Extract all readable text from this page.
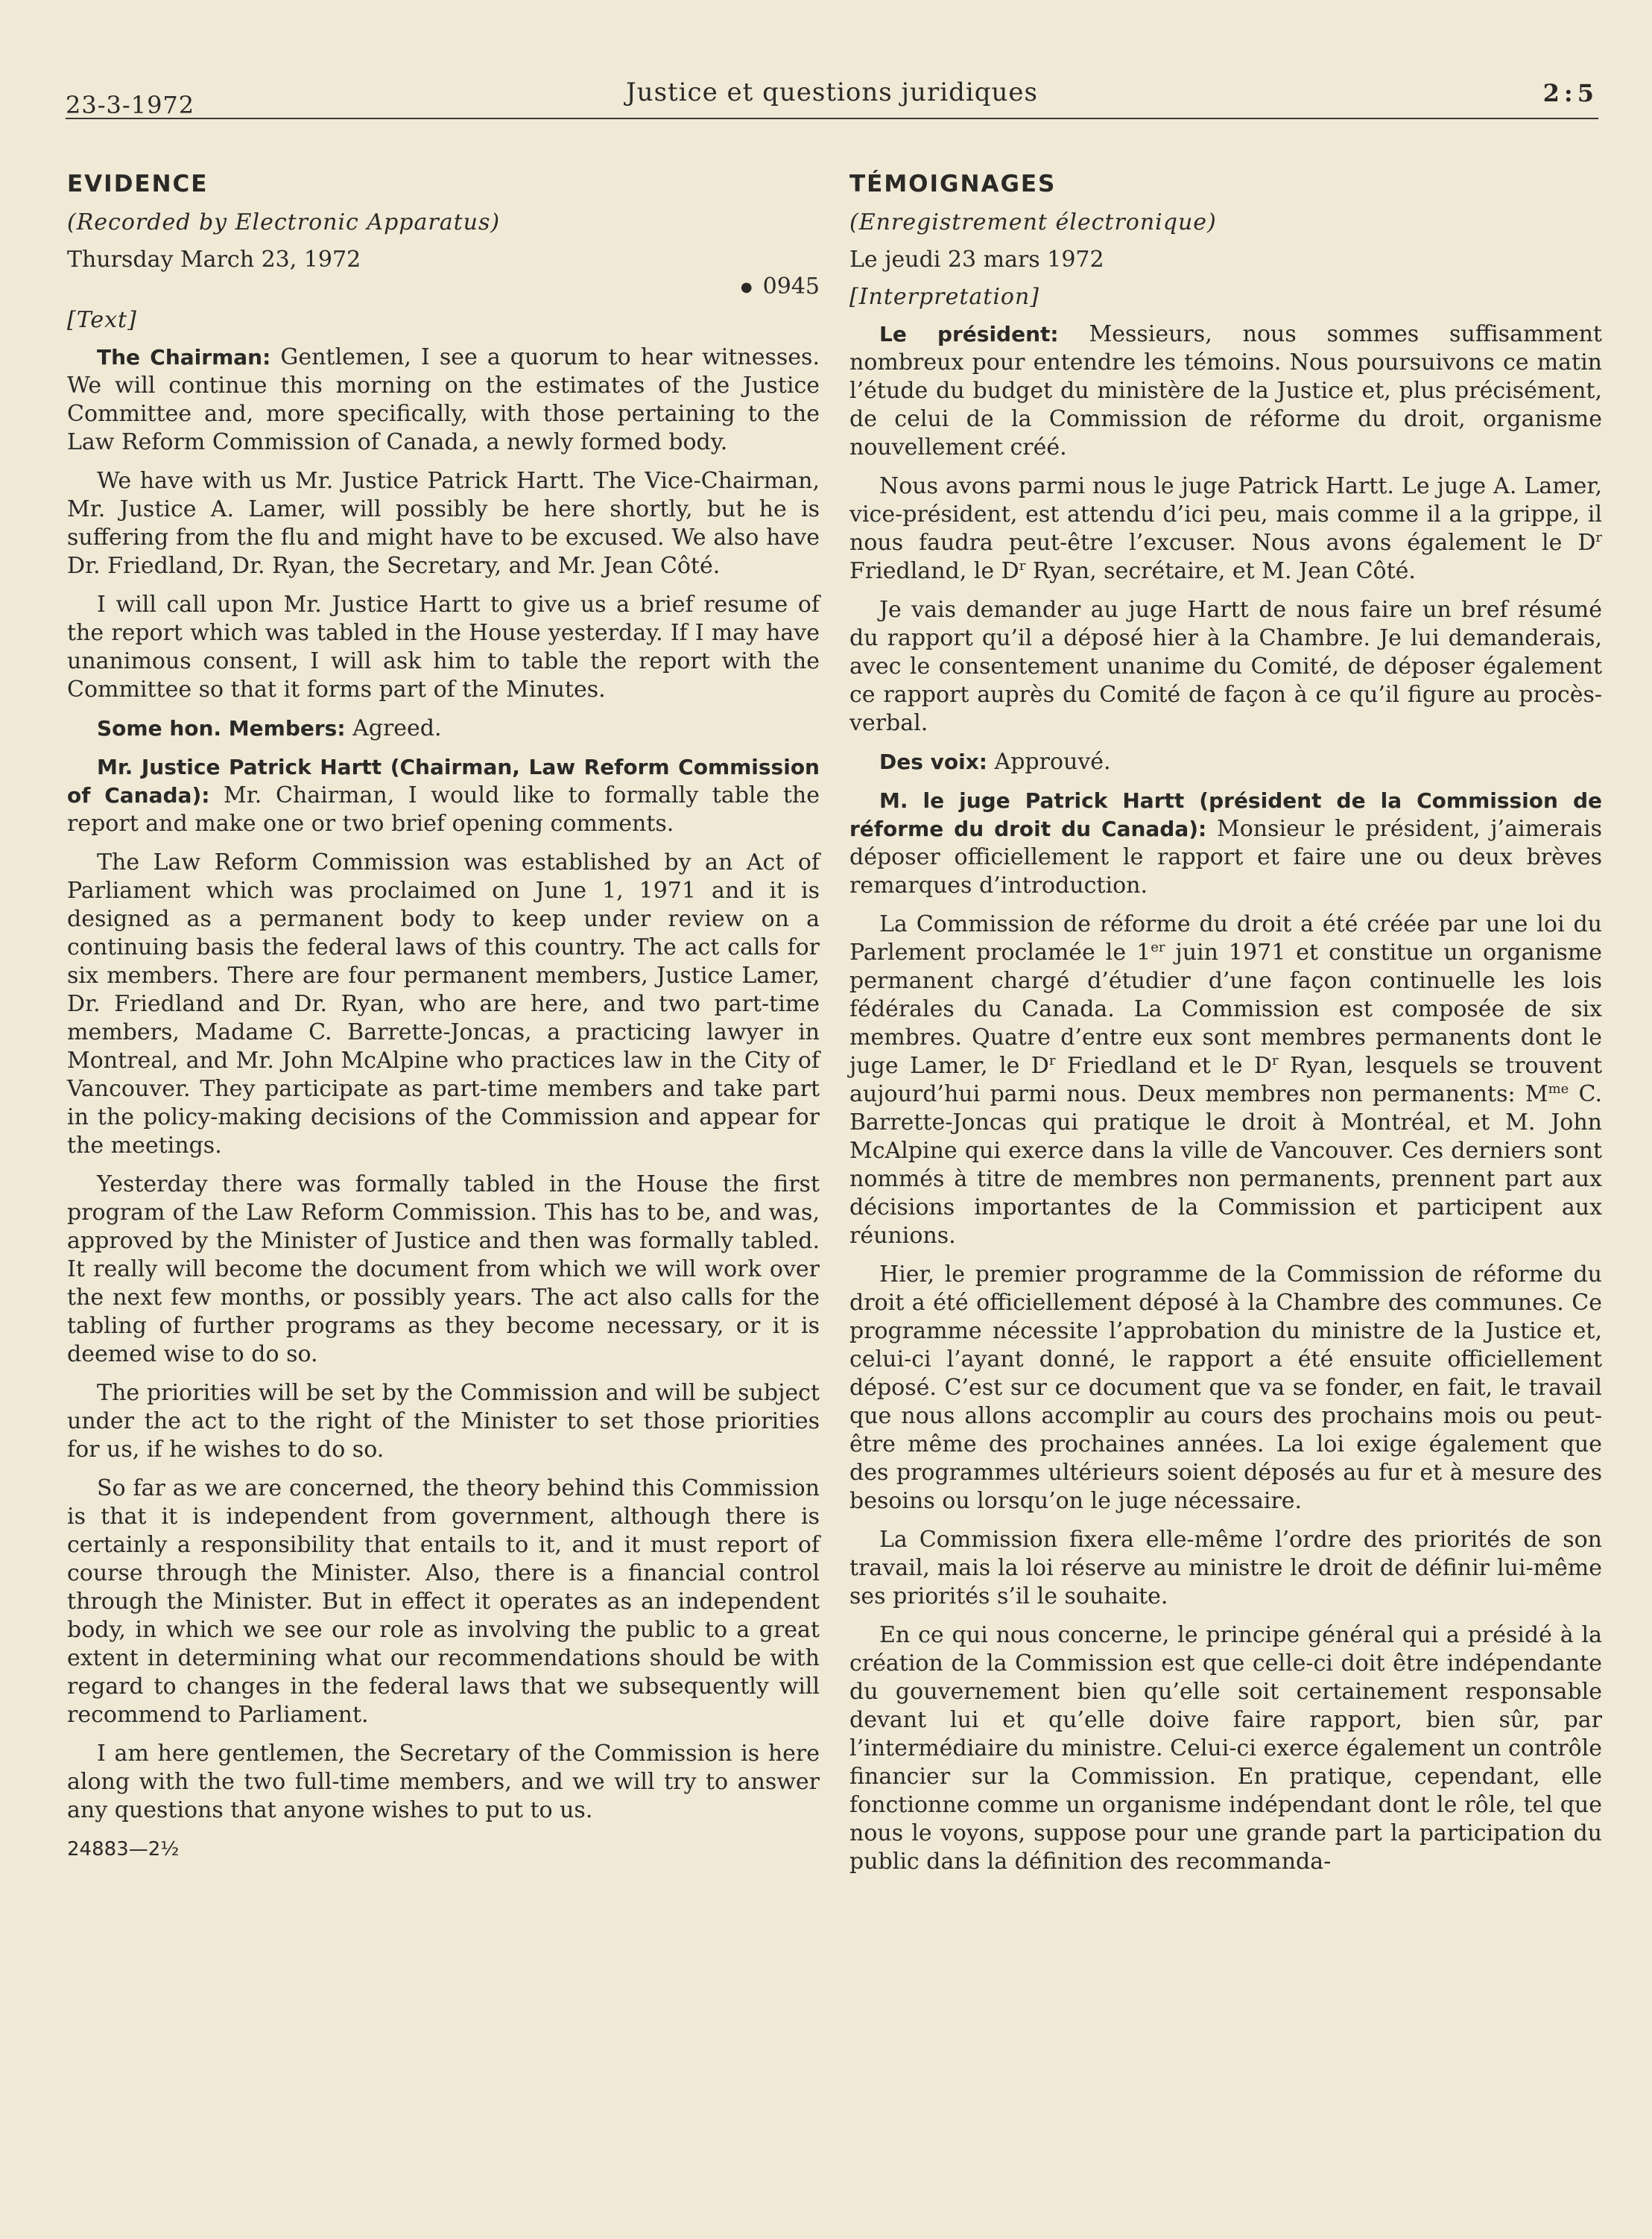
23-3-1972	Justice et questions juridiques	2:5
EVIDENCE
(Recorded by Electronic Apparatus)
Thursday March 23, 1972
● 0945
[Text]

The Chairman: Gentlemen, I see a quorum to hear witnesses. We will continue this morning on the estimates of the Justice Committee and, more specifically, with those pertaining to the Law Reform Commission of Canada, a newly formed body.

We have with us Mr. Justice Patrick Hartt. The Vice-Chairman, Mr. Justice A. Lamer, will possibly be here shortly, but he is suffering from the flu and might have to be excused. We also have Dr. Friedland, Dr. Ryan, the Secretary, and Mr. Jean Côté.

I will call upon Mr. Justice Hartt to give us a brief resume of the report which was tabled in the House yesterday. If I may have unanimous consent, I will ask him to table the report with the Committee so that it forms part of the Minutes.

Some hon. Members: Agreed.

Mr. Justice Patrick Hartt (Chairman, Law Reform Commission of Canada): Mr. Chairman, I would like to formally table the report and make one or two brief opening comments.

The Law Reform Commission was established by an Act of Parliament which was proclaimed on June 1, 1971 and it is designed as a permanent body to keep under review on a continuing basis the federal laws of this country. The act calls for six members. There are four permanent members, Justice Lamer, Dr. Friedland and Dr. Ryan, who are here, and two part-time members, Madame C. Barrette-Joncas, a practicing lawyer in Montreal, and Mr. John McAlpine who practices law in the City of Vancouver. They participate as part-time members and take part in the policy-making decisions of the Commission and appear for the meetings.

Yesterday there was formally tabled in the House the first program of the Law Reform Commission. This has to be, and was, approved by the Minister of Justice and then was formally tabled. It really will become the document from which we will work over the next few months, or possibly years. The act also calls for the tabling of further programs as they become necessary, or it is deemed wise to do so.

The priorities will be set by the Commission and will be subject under the act to the right of the Minister to set those priorities for us, if he wishes to do so.

So far as we are concerned, the theory behind this Commission is that it is independent from government, although there is certainly a responsibility that entails to it, and it must report of course through the Minister. Also, there is a financial control through the Minister. But in effect it operates as an independent body, in which we see our role as involving the public to a great extent in determining what our recommendations should be with regard to changes in the federal laws that we subsequently will recommend to Parliament.

I am here gentlemen, the Secretary of the Commission is here along with the two full-time members, and we will try to answer any questions that anyone wishes to put to us.

24883—2½
TÉMOIGNAGES
(Enregistrement électronique)
Le jeudi 23 mars 1972
[Interpretation]

Le président: Messieurs, nous sommes suffisamment nombreux pour entendre les témoins. Nous poursuivons ce matin l’étude du budget du ministère de la Justice et, plus précisément, de celui de la Commission de réforme du droit, organisme nouvellement créé.

Nous avons parmi nous le juge Patrick Hartt. Le juge A. Lamer, vice-président, est attendu d’ici peu, mais comme il a la grippe, il nous faudra peut-être l’excuser. Nous avons également le $D^r$ Friedland, le $D^r$ Ryan, secrétaire, et M. Jean Côté.

Je vais demander au juge Hartt de nous faire un bref résumé du rapport qu’il a déposé hier à la Chambre. Je lui demanderais, avec le consentement unanime du Comité, de déposer également ce rapport auprès du Comité de façon à ce qu’il figure au procès-verbal.

Des voix: Approuvé.

M. le juge Patrick Hartt (président de la Commission de réforme du droit du Canada): Monsieur le président, j’aimerais déposer officiellement le rapport et faire une ou deux brèves remarques d’introduction.

La Commission de réforme du droit a été créée par une loi du Parlement proclamée le 1er juin 1971 et constitue un organisme permanent chargé d’étudier d’une façon continuelle les lois fédérales du Canada. La Commission est composée de six membres. Quatre d’entre eux sont membres permanents dont le juge Lamer, le $D^r$ Friedland et le $D^r$ Ryan, lesquels se trouvent aujourd’hui parmi nous. Deux membres non permanents: $M^{me}$ C. Barrette-Joncas qui pratique le droit à Montréal, et M. John McAlpine qui exerce dans la ville de Vancouver. Ces derniers sont nommés à titre de membres non permanents, prennent part aux décisions importantes de la Commission et participent aux réunions.

Hier, le premier programme de la Commission de réforme du droit a été officiellement déposé à la Chambre des communes. Ce programme nécessite l’approbation du ministre de la Justice et, celui-ci l’ayant donné, le rapport a été ensuite officiellement déposé. C’est sur ce document que va se fonder, en fait, le travail que nous allons accomplir au cours des prochains mois ou peut-être même des prochaines années. La loi exige également que des programmes ultérieurs soient déposés au fur et à mesure des besoins ou lorsqu’on le juge nécessaire.

La Commission fixera elle-même l’ordre des priorités de son travail, mais la loi réserve au ministre le droit de définir lui-même ses priorités s’il le souhaite.

En ce qui nous concerne, le principe général qui a présidé à la création de la Commission est que celle-ci doit être indépendante du gouvernement bien qu’elle soit certainement responsable devant lui et qu’elle doive faire rapport, bien sûr, par l’intermédiaire du ministre. Celui-ci exerce également un contrôle financier sur la Commission. En pratique, cependant, elle fonctionne comme un organisme indépendant dont le rôle, tel que nous le voyons, suppose pour une grande part la participation du public dans la définition des recommanda-
